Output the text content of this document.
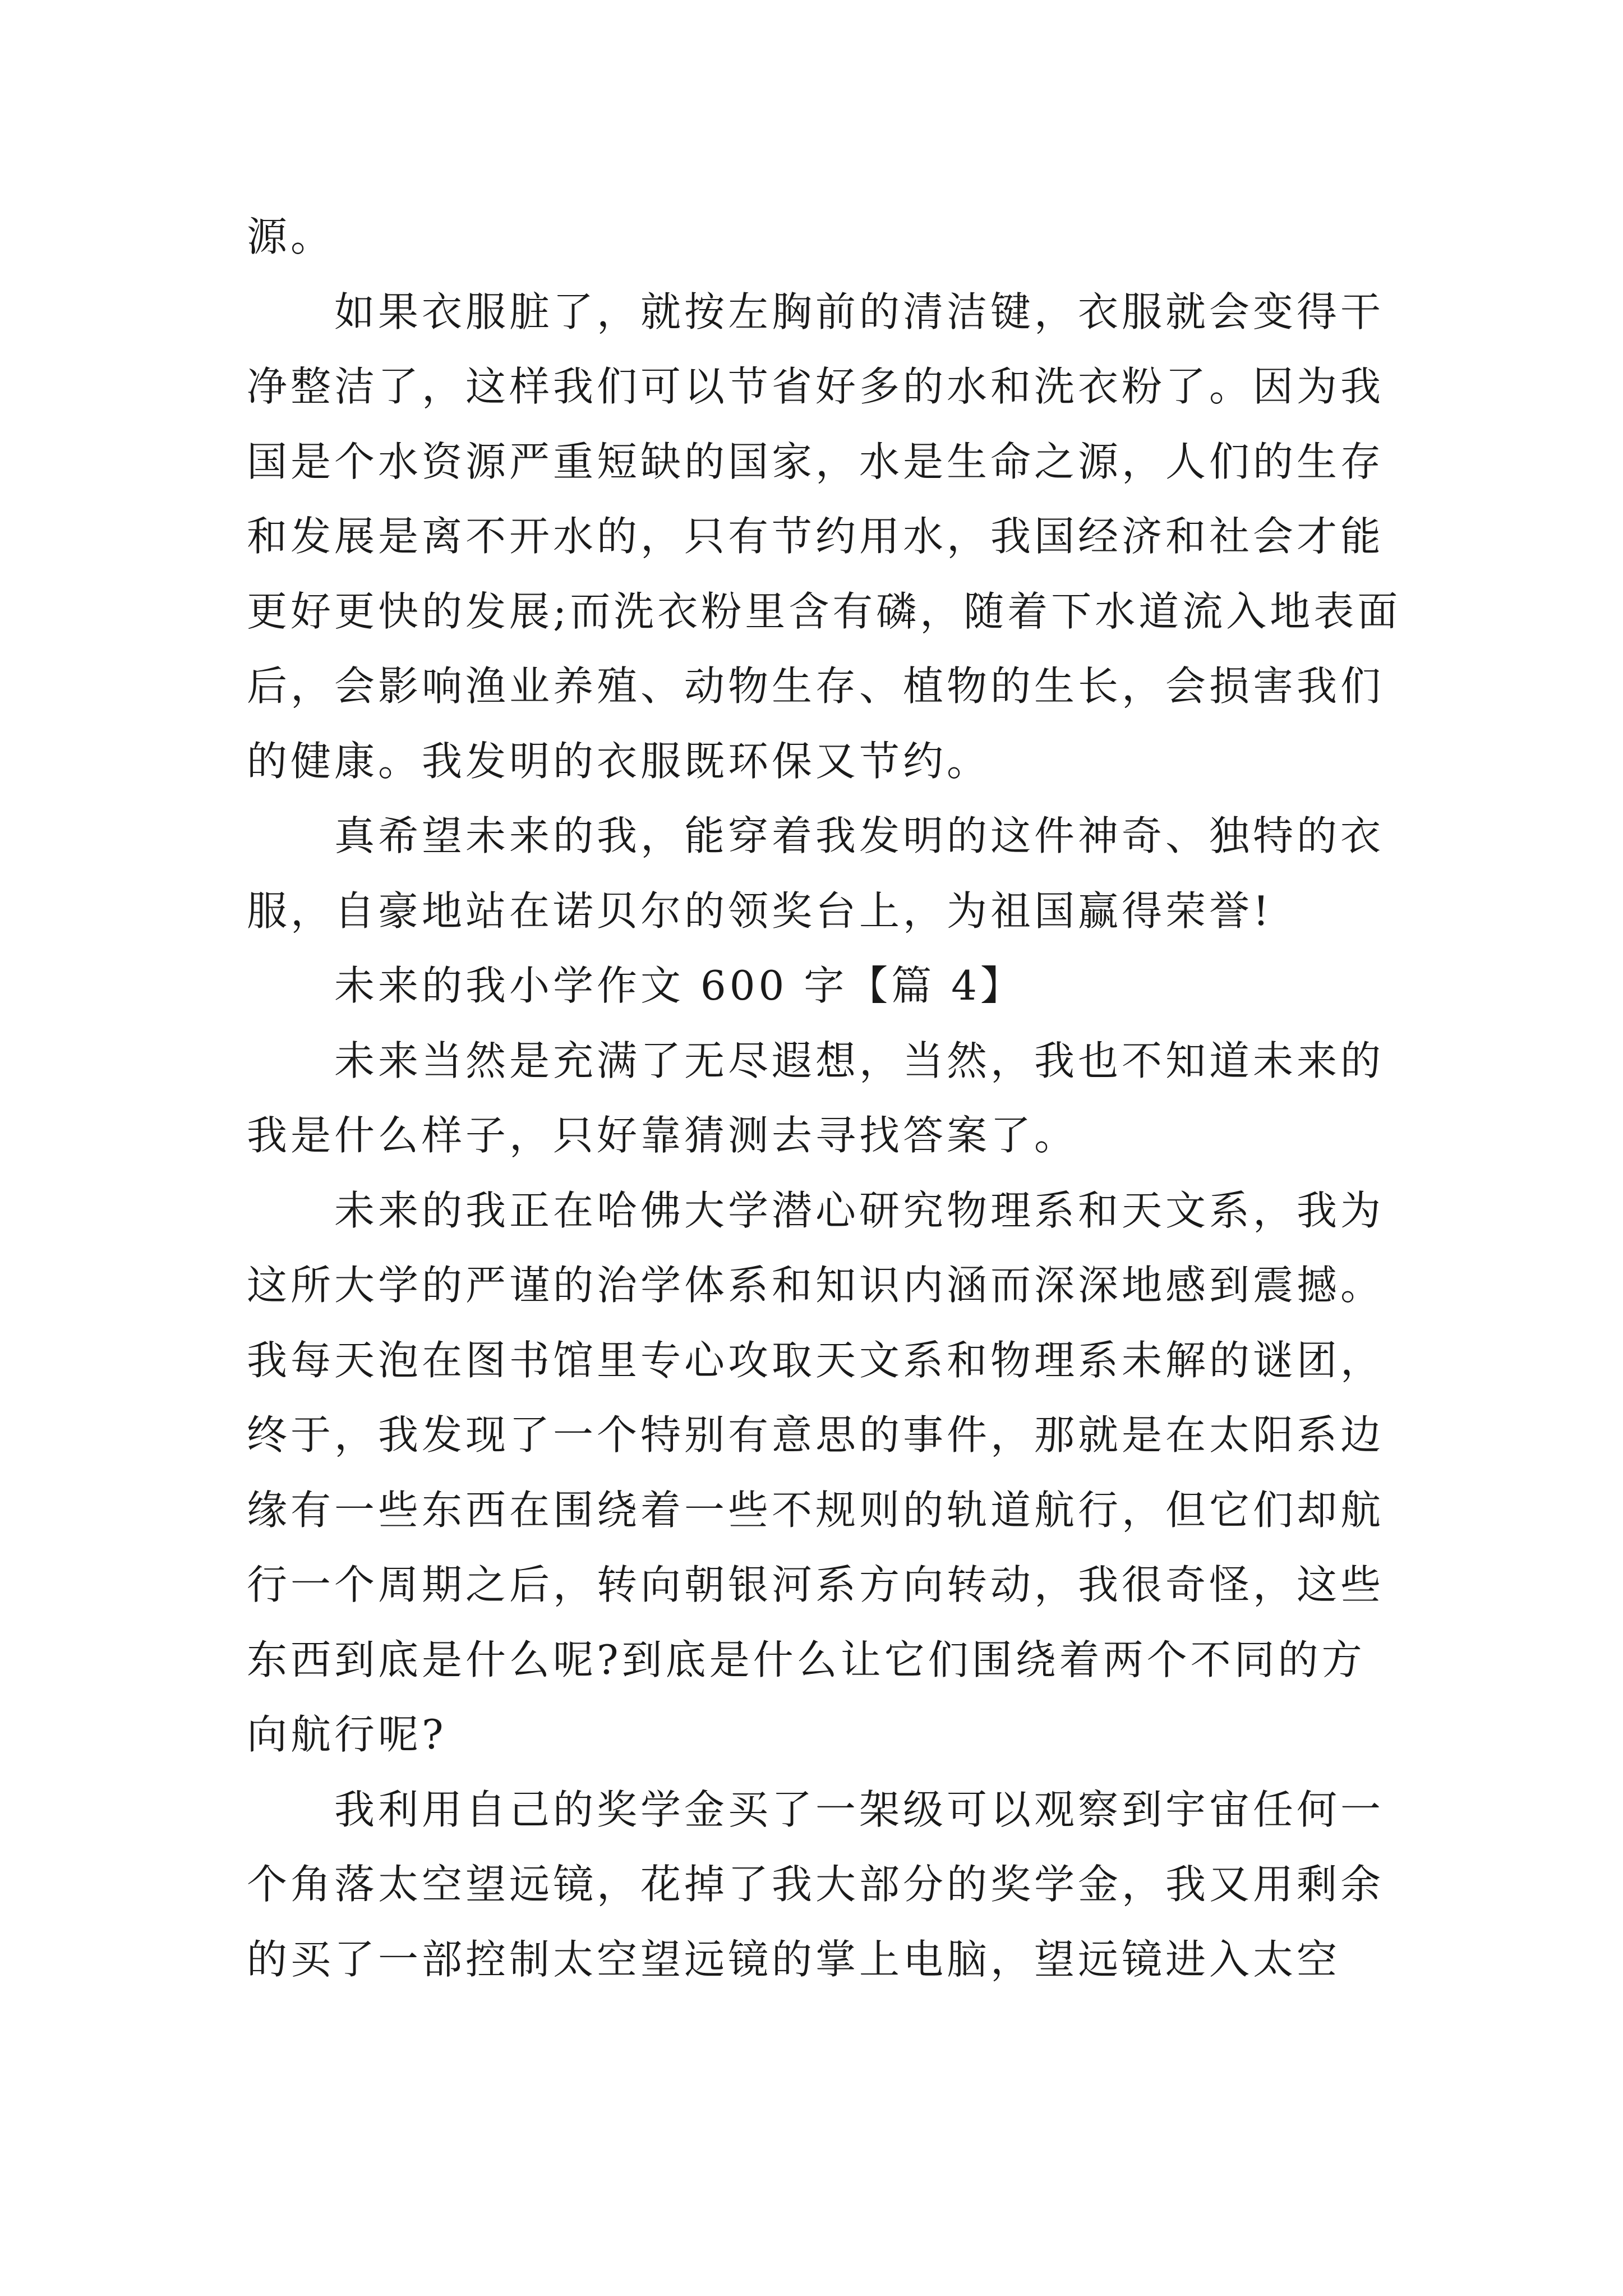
源。

如果衣服脏了，就按左胸前的清洁键，衣服就会变得干净整洁了，这样我们可以节省好多的水和洗衣粉了。因为我国是个水资源严重短缺的国家，水是生命之源，人们的生存和发展是离不开水的，只有节约用水，我国经济和社会才能更好更快的发展;而洗衣粉里含有磷，随着下水道流入地表面后，会影响渔业养殖、动物生存、植物的生长，会损害我们的健康。我发明的衣服既环保又节约。

真希望未来的我，能穿着我发明的这件神奇、独特的衣服，自豪地站在诺贝尔的领奖台上，为祖国赢得荣誉!

未来的我小学作文 600 字【篇 4】

未来当然是充满了无尽遐想，当然，我也不知道未来的我是什么样子，只好靠猜测去寻找答案了。

未来的我正在哈佛大学潜心研究物理系和天文系，我为这所大学的严谨的治学体系和知识内涵而深深地感到震撼。我每天泡在图书馆里专心攻取天文系和物理系未解的谜团，终于，我发现了一个特别有意思的事件，那就是在太阳系边缘有一些东西在围绕着一些不规则的轨道航行，但它们却航行一个周期之后，转向朝银河系方向转动，我很奇怪，这些东西到底是什么呢?到底是什么让它们围绕着两个不同的方向航行呢?

我利用自己的奖学金买了一架级可以观察到宇宙任何一个角落太空望远镜，花掉了我大部分的奖学金，我又用剩余的买了一部控制太空望远镜的掌上电脑，望远镜进入太空
